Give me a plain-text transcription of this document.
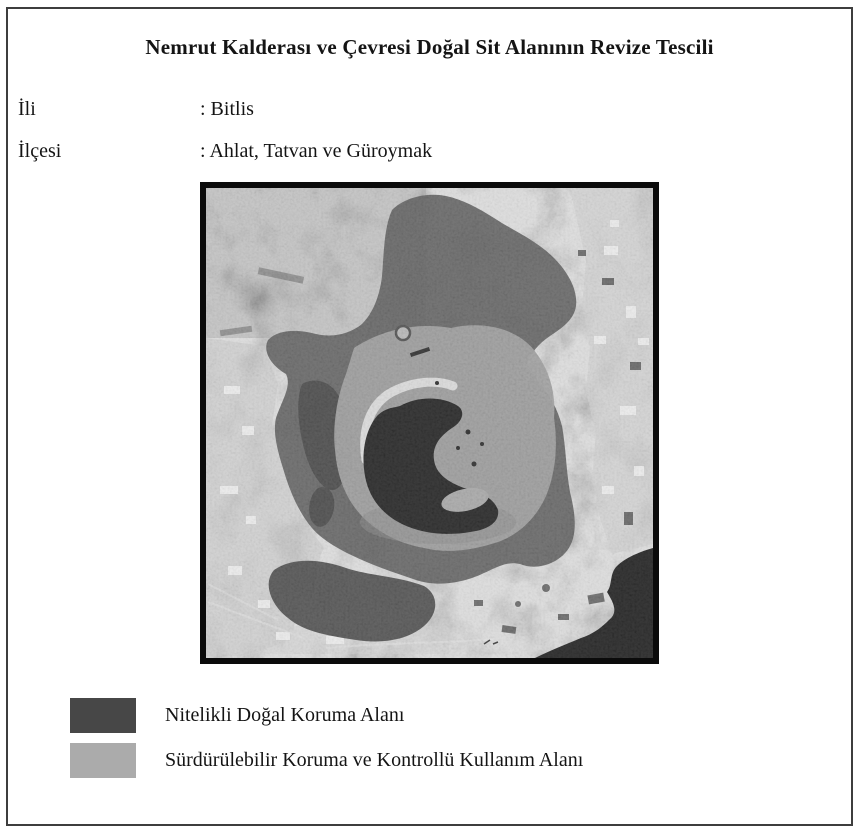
Nemrut Kalderası ve Çevresi Doğal Sit Alanının Revize Tescili
İli	: Bitlis
İlçesi	: Ahlat, Tatvan ve Güroymak
Nitelikli Doğal Koruma Alanı
Sürdürülebilir Koruma ve Kontrollü Kullanım Alanı
